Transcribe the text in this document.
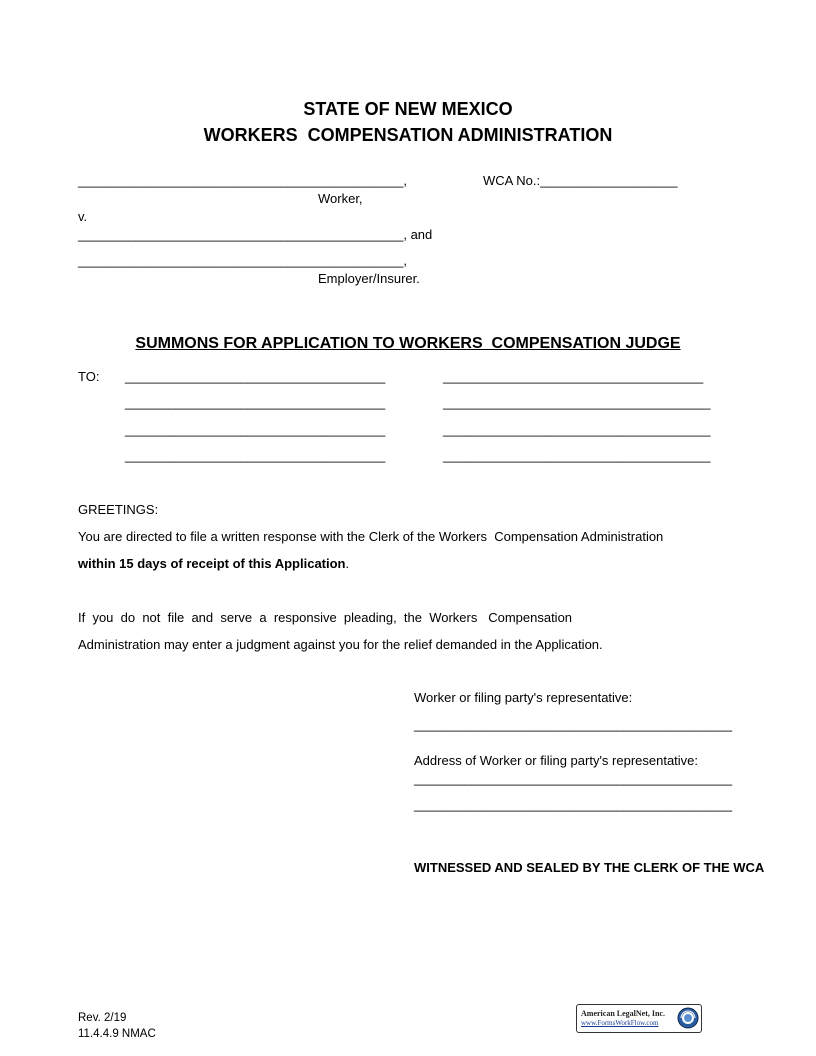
STATE OF NEW MEXICO
WORKERS  COMPENSATION ADMINISTRATION
_____________________________________________,	WCA No.:___________________
Worker,
v.
_____________________________________________, and
_____________________________________________,
Employer/Insurer.
SUMMONS FOR APPLICATION TO WORKERS  COMPENSATION JUDGE
TO: ____________________________________	____________________________________
____________________________________	_____________________________________
____________________________________	_____________________________________
____________________________________	_____________________________________
GREETINGS:
You are directed to file a written response with the Clerk of the Workers  Compensation Administration
within 15 days of receipt of this Application.
If  you  do  not  file  and  serve  a  responsive  pleading,  the  Workers   Compensation
Administration may enter a judgment against you for the relief demanded in the Application.
Worker or filing party's representative:
____________________________________________
Address of Worker or filing party's representative:
____________________________________________
____________________________________________
WITNESSED AND SEALED BY THE CLERK OF THE WCA
Rev. 2/19
11.4.4.9 NMAC
American LegalNet, Inc.
www.FormsWorkFlow.com
